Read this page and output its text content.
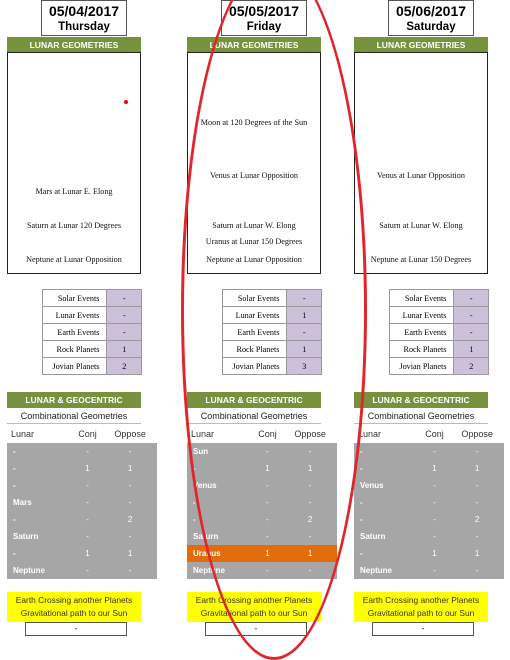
05/04/2017
Thursday
LUNAR GEOMETRIES
Mars at Lunar E. Elong
Saturn at Lunar 120 Degrees
Neptune at Lunar Opposition
Solar Events	-
Lunar Events	-
Earth Events	-
Rock Planets	1
Jovian Planets	2
LUNAR & GEOCENTRIC
Combinational Geometries
Lunar	Conj	Oppose
-	-	-
-	1	1
-	-	-
Mars	-	-
-	-	2
Saturn	-	-
-	1	1
Neptune	-	-
Earth Crossing another Planets
Gravitational path to our Sun
-
05/05/2017
Friday
LUNAR GEOMETRIES
Moon at 120 Degrees of the Sun
Venus at Lunar Opposition
Saturn at Lunar W. Elong
Uranus at Lunar 150 Degrees
Neptune at Lunar Opposition
Solar Events	-
Lunar Events	1
Earth Events	-
Rock Planets	1
Jovian Planets	3
LUNAR & GEOCENTRIC
Combinational Geometries
Lunar	Conj	Oppose
Sun	-	-
-	1	1
Venus	-	-
-	-	-
-	-	2
Saturn	-	-
Uranus	1	1
Neptune	-	-
Earth Crossing another Planets
Gravitational path to our Sun
-
05/06/2017
Saturday
LUNAR GEOMETRIES
Venus at Lunar Opposition
Saturn at Lunar W. Elong
Neptune at Lunar 150 Degrees
Solar Events	-
Lunar Events	-
Earth Events	-
Rock Planets	1
Jovian Planets	2
LUNAR & GEOCENTRIC
Combinational Geometries
Lunar	Conj	Oppose
-	-	-
-	1	1
Venus	-	-
-	-	-
-	-	2
Saturn	-	-
-	1	1
Neptune	-	-
Earth Crossing another Planets
Gravitational path to our Sun
-
